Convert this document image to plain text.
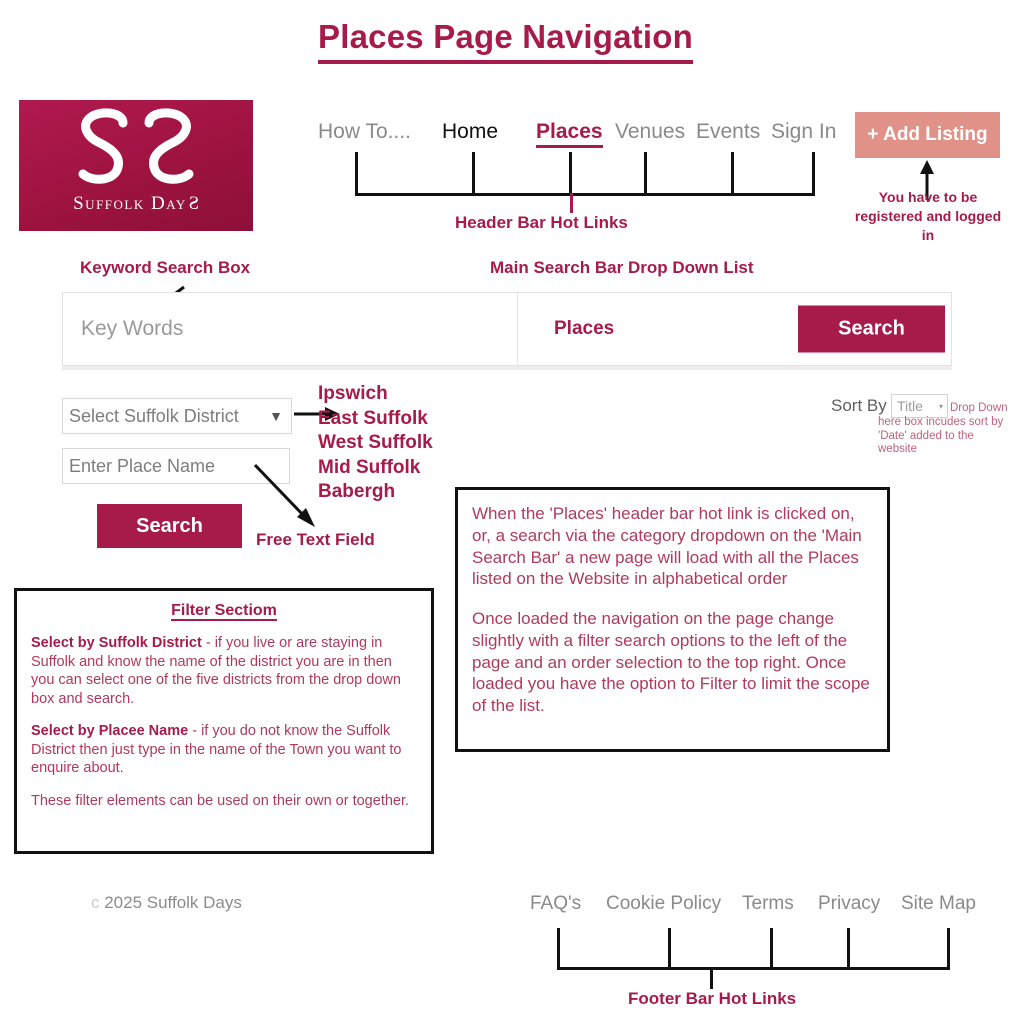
Places Page Navigation
Suffolk DayS
How To.... Home Places Venues Events Sign In
Header Bar Hot Links
+ Add Listing
You have to be registered and logged in
Keyword Search Box	Main Search Bar Drop Down List
Key Words
Places	Search
Select Suffolk District ▼
Enter Place Name
Search
Ipswich
East Suffolk
West Suffolk
Mid Suffolk
Babergh
Free Text Field
Sort By Title ▾ Drop Down here box incudes sort by 'Date' added to the website
Filter Sectiom

Select by Suffolk District - if you live or are staying in Suffolk and know the name of the district you are in then you can select one of the five districts from the drop down box and search.

Select by Placee Name - if you do not know the Suffolk District then just type in the name of the Town you want to enquire about.

These filter elements can be used on their own or together.

When the 'Places' header bar hot link is clicked on, or, a search via the category dropdown on the 'Main Search Bar' a new page will load with all the Places listed on the Website in alphabetical order

Once loaded the navigation on the page change slightly with a filter search options to the left of the page and an order selection to the top right. Once loaded you have the option to Filter to limit the scope of the list.

c 2025 Suffolk Days	FAQ's Cookie Policy Terms Privacy Site Map
Footer Bar Hot Links
